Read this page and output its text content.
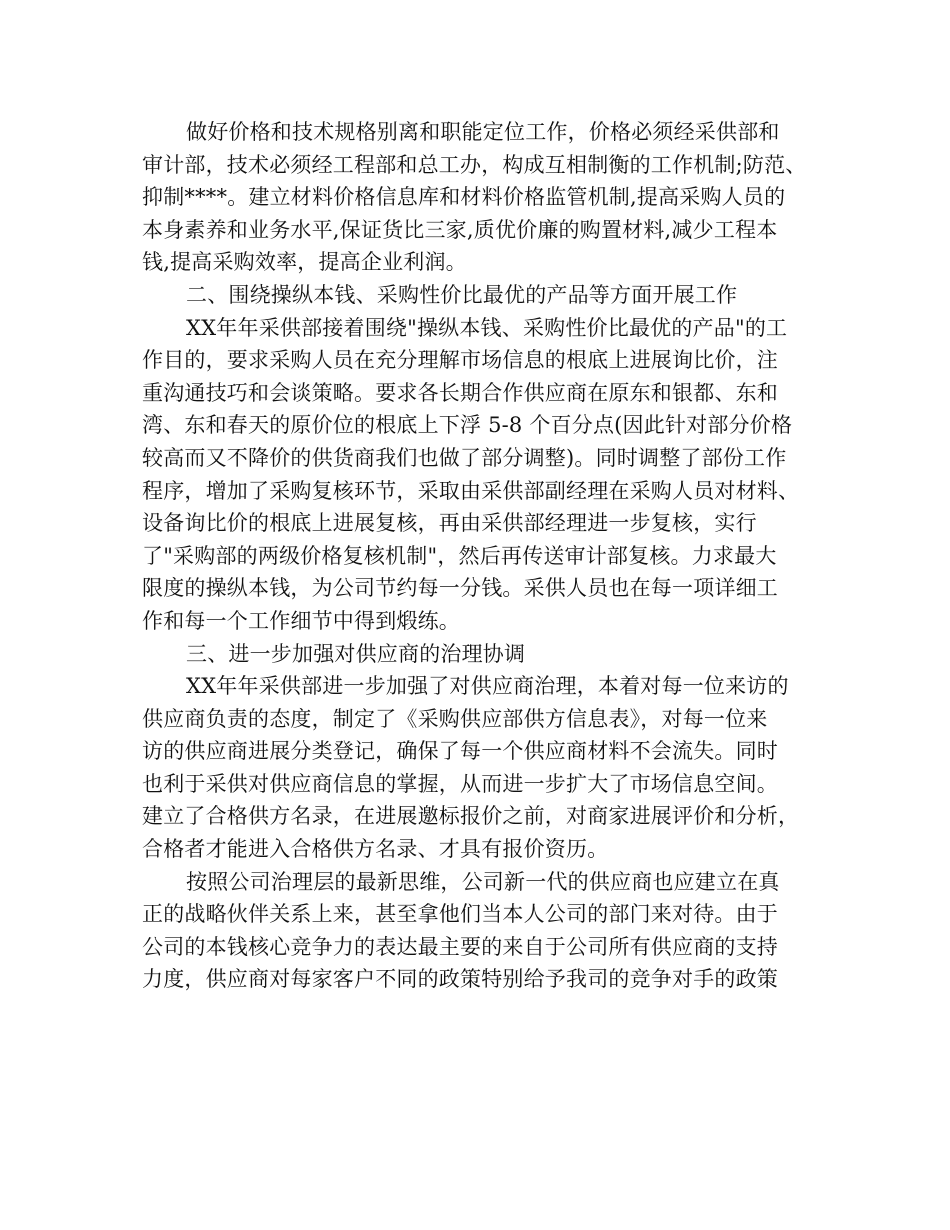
做好价格和技术规格别离和职能定位工作，价格必须经采供部和
审计部，技术必须经工程部和总工办，构成互相制衡的工作机制;防范、
抑制****。建立材料价格信息库和材料价格监管机制,提高采购人员的
本身素养和业务水平,保证货比三家,质优价廉的购置材料,减少工程本
钱,提高采购效率，提高企业利润。
二、围绕操纵本钱、采购性价比最优的产品等方面开展工作
XX年年采供部接着围绕"操纵本钱、采购性价比最优的产品"的工
作目的，要求采购人员在充分理解市场信息的根底上进展询比价，注
重沟通技巧和会谈策略。要求各长期合作供应商在原东和银都、东和
湾、东和春天的原价位的根底上下浮 5-8 个百分点(因此针对部分价格
较高而又不降价的供货商我们也做了部分调整)。同时调整了部份工作
程序，增加了采购复核环节，采取由采供部副经理在采购人员对材料、
设备询比价的根底上进展复核，再由采供部经理进一步复核，实行
了"采购部的两级价格复核机制"，然后再传送审计部复核。力求最大
限度的操纵本钱，为公司节约每一分钱。采供人员也在每一项详细工
作和每一个工作细节中得到煅练。
三、进一步加强对供应商的治理协调
XX年年采供部进一步加强了对供应商治理，本着对每一位来访的
供应商负责的态度，制定了《采购供应部供方信息表》，对每一位来
访的供应商进展分类登记，确保了每一个供应商材料不会流失。同时
也利于采供对供应商信息的掌握，从而进一步扩大了市场信息空间。
建立了合格供方名录，在进展邀标报价之前，对商家进展评价和分析，
合格者才能进入合格供方名录、才具有报价资历。
按照公司治理层的最新思维，公司新一代的供应商也应建立在真
正的战略伙伴关系上来，甚至拿他们当本人公司的部门来对待。由于
公司的本钱核心竞争力的表达最主要的来自于公司所有供应商的支持
力度，供应商对每家客户不同的政策特别给予我司的竞争对手的政策
